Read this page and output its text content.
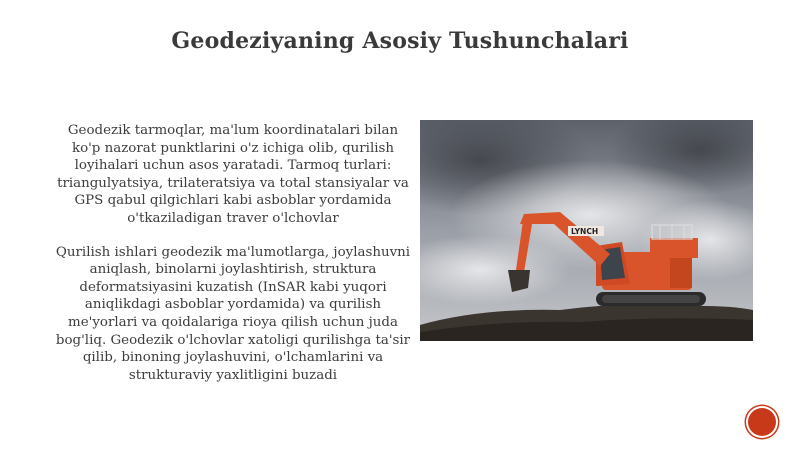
Geodeziyaning Asosiy Tushunchalari

Geodezik tarmoqlar, ma'lum koordinatalari bilan ko'p nazorat punktlarini o'z ichiga olib, qurilish loyihalari uchun asos yaratadi. Tarmoq turlari: triangulyatsiya, trilateratsiya va total stansiyalar va GPS qabul qilgichlari kabi asboblar yordamida o'tkaziladigan traver o'lchovlar

Qurilish ishlari geodezik ma'lumotlarga, joylashuvni aniqlash, binolarni joylashtirish, struktura deformatsiyasini kuzatish (InSAR kabi yuqori aniqlikdagi asboblar yordamida) va qurilish me'yorlari va qoidalariga rioya qilish uchun juda bog'liq. Geodezik o'lchovlar xatoligi qurilishga ta'sir qilib, binoning joylashuvini, o'lchamlarini va strukturaviy yaxlitligini buzadi

LYNCH
